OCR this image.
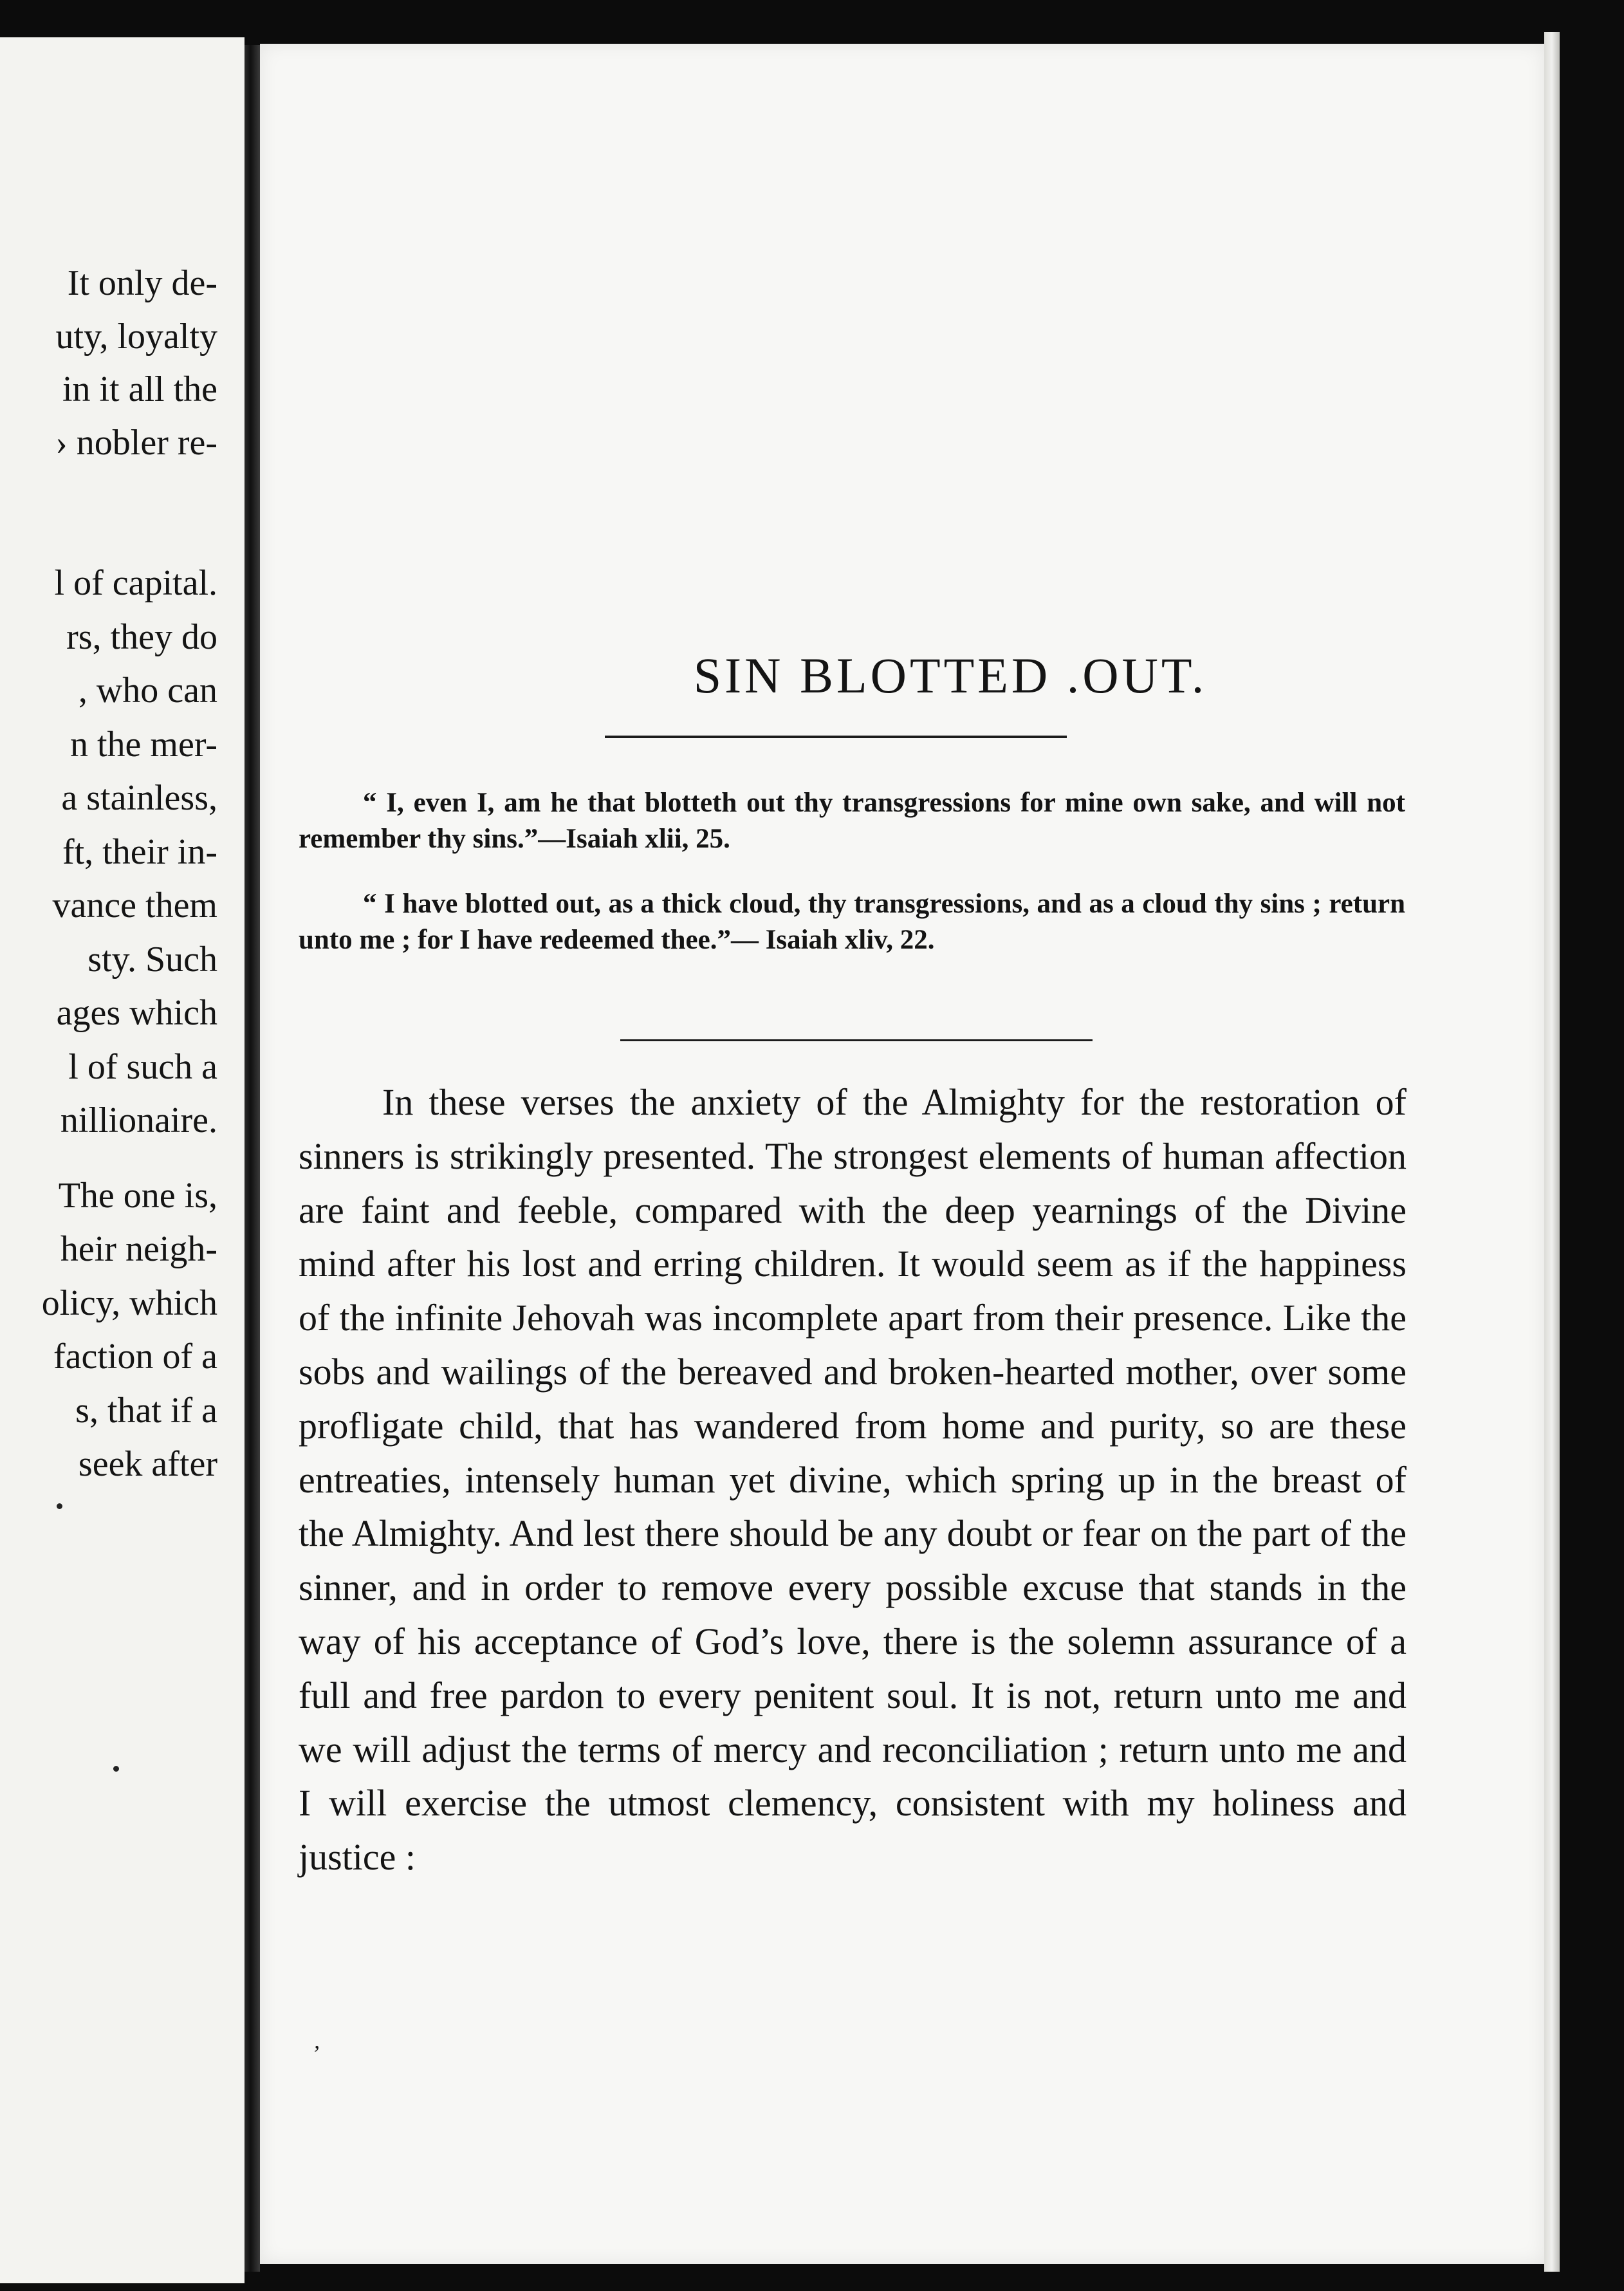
It only de-
uty, loyalty
in it all the
› nobler re-
l of capital.
rs, they do
, who can
n the mer-
a stainless,
ft, their in-
vance them
sty. Such
ages which
l of such a
nillionaire.
The one is,
heir neigh-
olicy, which
faction of a
s, that if a
seek after
SIN BLOTTED .OUT.

“ I, even I, am he that blotteth out thy transgressions for mine own sake, and will not remember thy sins.”—Isaiah xlii, 25.

“ I have blotted out, as a thick cloud, thy transgressions, and as a cloud thy sins ; return unto me ; for I have redeemed thee.”— Isaiah xliv, 22.

In these verses the anxiety of the Almighty for the restoration of sinners is strikingly presented. The strongest elements of human affection are faint and feeble, compared with the deep yearnings of the Divine mind after his lost and erring children. It would seem as if the happiness of the infinite Jehovah was incomplete apart from their presence. Like the sobs and wailings of the bereaved and broken-hearted mother, over some profligate child, that has wandered from home and purity, so are these entreaties, intensely human yet divine, which spring up in the breast of the Almighty. And lest there should be any doubt or fear on the part of the sinner, and in order to remove every possible excuse that stands in the way of his acceptance of God’s love, there is the solemn assurance of a full and free pardon to every penitent soul. It is not, return unto me and we will adjust the terms of mercy and reconciliation ; return unto me and I will exercise the utmost clemency, consistent with my holiness and justice :

ʼ
